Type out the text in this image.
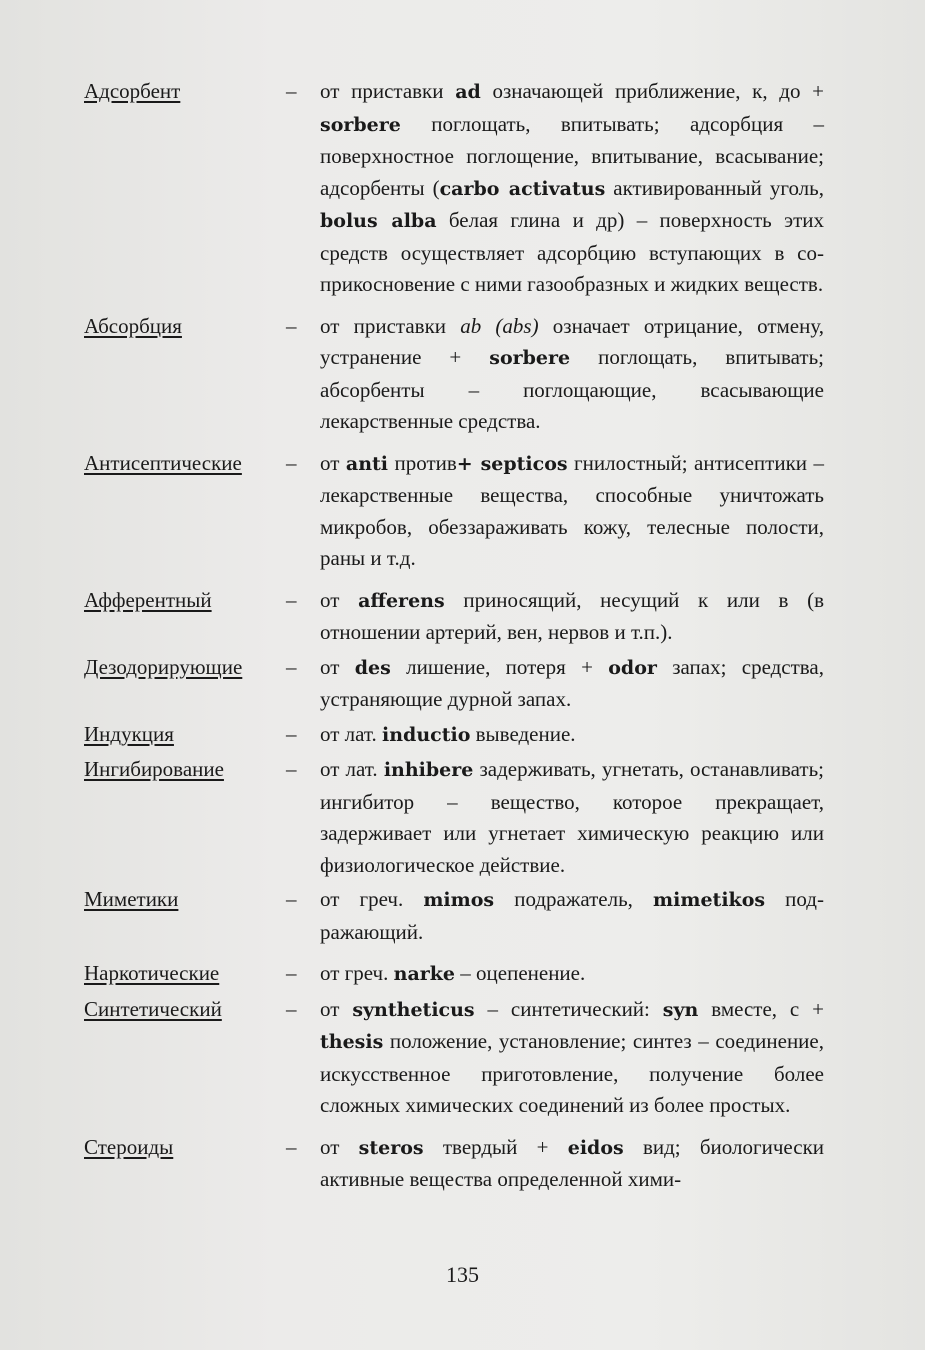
Адсорбент	–	от приставки ad означающей приближение, к, до + sorbere поглощать, впитывать; адсорбция – поверхностное поглощение, впитывание, всасывание; адсорбенты (carbo activatus активированный уголь, bolus alba белая глина и др) – поверхность этих средств осуществляет адсорбцию вступающих в соприкосновение с ними газообразных и жидких веществ.
Абсорбция	–	от приставки ab (abs) означает отрицание, отмену, устранение + sorbere поглощать, впитывать; абсорбенты – поглощающие, всасывающие лекарственные средства.
Антисептические	–	от anti против+ septicos гнилостный; антисептики – лекарственные вещества, способные уничтожать микробов, обеззараживать кожу, телесные полости, раны и т.д.
Афферентный	–	от afferens приносящий, несущий к или в (в отношении артерий, вен, нервов и т.п.).
Дезодорирующие	–	от des лишение, потеря + odor запах; средства, устраняющие дурной запах.
Индукция	–	от лат. inductio выведение.
Ингибирование	–	от лат. inhibere задерживать, угнетать, останавливать; ингибитор – вещество, которое прекращает, задерживает или угнетает химическую реакцию или физиологическое действие.
Миметики	–	от греч. mimos подражатель, mimetikos подражающий.
Наркотические	–	от греч. narke – оцепенение.
Синтетический	–	от syntheticus – синтетический: syn вместе, с + thesis положение, установление; синтез – соединение, искусственное приготовление, получение более сложных химических соединений из более простых.
Стероиды	–	от steros твердый + eidos вид; биологически активные вещества определенной хими-
135
